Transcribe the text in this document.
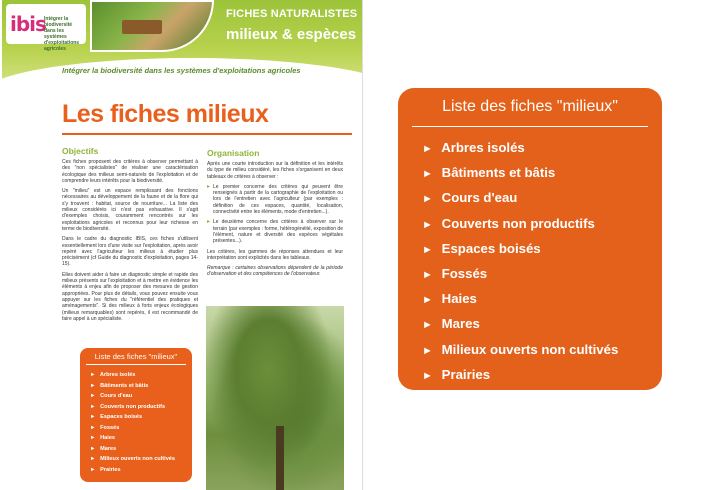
ibis
Intégrer la biodiversité dans les systèmes d'exploitations agricoles
FICHES NATURALISTES
milieux & espèces
Intégrer la biodiversité dans les systèmes d'exploitations agricoles
Les fiches milieux
Objectifs

Ces fiches proposent des critères à observer permettant à des "non spécialistes" de réaliser une caractérisation écologique des milieux semi-naturels de l'exploitation et de comprendre leurs intérêts pour la biodiversité.

Un "milieu" est un espace remplissant des fonctions nécessaires au développement de la faune et de la flore qui s'y trouvent : habitat, source de nourriture... La liste des milieux considérés ici n'est pas exhaustive. Il s'agit d'exemples choisis, couramment rencontrés sur les exploitations agricoles et reconnus pour leur richesse en terme de biodiversité.

Dans le cadre du diagnostic IBIS, ces fiches s'utilisent essentiellement lors d'une visite sur l'exploitation, après avoir repéré avec l'agriculteur les milieux à étudier plus précisément (cf Guide du diagnostic d'exploitation, pages 14-15).

Elles doivent aider à faire un diagnostic simple et rapide des milieux présents sur l'exploitation et à mettre en évidence les éléments à enjeu afin de proposer des mesures de gestion appropriées. Pour plus de détails, vous pouvez ensuite vous appuyer sur les fiches du "référentiel des pratiques et aménagements". Si des milieux à forts enjeux écologiques (milieux remarquables) sont repérés, il est recommandé de faire appel à un spécialiste.

Organisation

Après une courte introduction sur la définition et les intérêts du type de milieu considéré, les fiches s'organisent en deux tableaux de critères à observer :

▸ Le premier concerne des critères qui peuvent être renseignés à partir de la cartographie de l'exploitation ou lors de l'entretien avec l'agriculteur (par exemples : définition de ces espaces, quantité, localisation, connectivité entre les éléments, mode d'entretien...).

▸ Le deuxième concerne des critères à observer sur le terrain (par exemples : forme, hétérogénéité, exposition de l'élément, nature et diversité des espèces végétales présentes...).

Les critères, les gammes de réponses attendues et leur interprétation sont explicités dans les tableaux.

Remarque : certaines observations dépendent de la période d'observation et des compétences de l'observateur.

Liste des fiches "milieux"
► Arbres isolés
► Bâtiments et bâtis
► Cours d'eau
► Couverts non productifs
► Espaces boisés
► Fossés
► Haies
► Mares
► Milieux ouverts non cultivés
► Prairies
Liste des fiches "milieux"
► Arbres isolés
► Bâtiments et bâtis
► Cours d'eau
► Couverts non productifs
► Espaces boisés
► Fossés
► Haies
► Mares
► Milieux ouverts non cultivés
► Prairies
